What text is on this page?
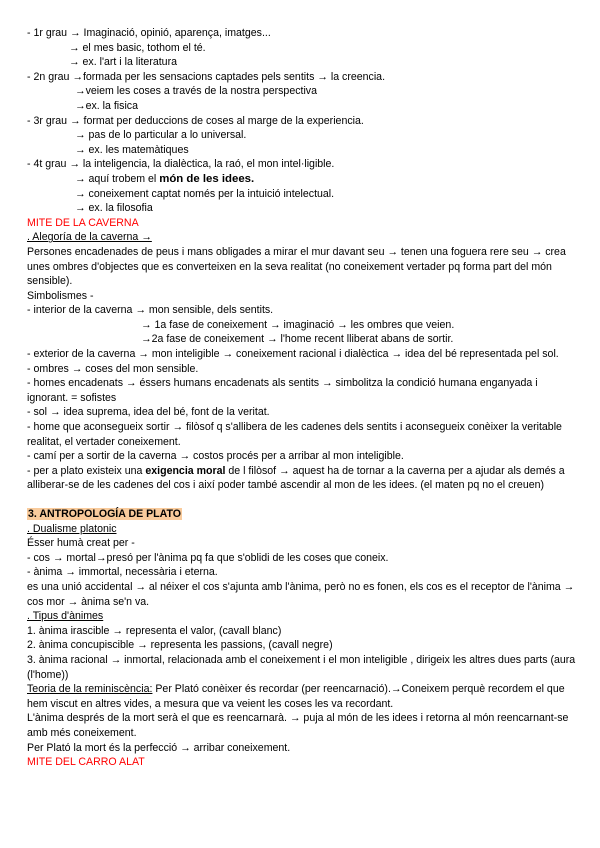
- 1r grau → Imaginació, opinió, aparença, imatges...
→ el mes basic, tothom el té.
→ ex. l'art i la literatura
- 2n grau →formada per les sensacions captades pels sentits → la creencia.
→veiem les coses a través de la nostra perspectiva
→ex. la fisica
- 3r grau → format per deduccions de coses al marge de la experiencia.
→ pas de lo particular a lo universal.
→ ex. les matemàtiques
- 4t grau → la inteligencia, la dialèctica, la raó, el mon intel·ligible.
→ aquí trobem el món de les idees.
→ coneixement captat només per la intuició intelectual.
→ ex. la filosofia
MITE DE LA CAVERNA
. Alegoría de la caverna →
Persones encadenades de peus i mans obligades a mirar el mur davant seu → tenen una foguera rere seu → crea unes ombres d'objectes que es converteixen en la seva realitat (no coneixement vertader pq forma part del món sensible).
Simbolismes -
- interior de la caverna → mon sensible, dels sentits.
→ 1a fase de coneixement → imaginació → les ombres que veien.
→2a fase de coneixement → l'home recent lliberat abans de sortir.
- exterior de la caverna → mon inteligible → coneixement racional i dialèctica → idea del bé representada pel sol.
- ombres → coses del mon sensible.
- homes encadenats → éssers humans encadenats als sentits → simbolitza la condició humana enganyada i ignorant. = sofistes
- sol → idea suprema, idea del bé, font de la veritat.
- home que aconsegueix sortir → filòsof q s'allibera de les cadenes dels sentits i aconsegueix conèixer la veritable realitat, el vertader coneixement.
- camí per a sortir de la caverna → costos procés per a arribar al mon inteligible.
- per a plato existeix una exigencia moral de l filòsof → aquest ha de tornar a la caverna per a ajudar als demés a alliberar-se de les cadenes del cos i així poder també ascendir al mon de les idees. (el maten pq no el creuen)
3. ANTROPOLOGÍA DE PLATO
. Dualisme platonic
Ésser humà creat per -
- cos → mortal→presó per l'ànima pq fa que s'oblidi de les coses que coneix.
- ànima → immortal, necessària i eterna.
es una unió accidental → al néixer el cos s'ajunta amb l'ànima, però no es fonen, els cos es el receptor de l'ànima → cos mor → ànima se'n va.
. Tipus d'ànimes
1. ànima irascible → representa el valor, (cavall blanc)
2. ànima concupiscible → representa les passions, (cavall negre)
3. ànima racional → inmortal, relacionada amb el coneixement i el mon inteligible , dirigeix les altres dues parts (aura (l'home))
Teoria de la reminiscència: Per Plató conèixer és recordar (per reencarnació).→Coneixem perquè recordem el que hem viscut en altres vides, a mesura que va veient les coses les va recordant.
L'ànima després de la mort serà el que es reencarnarà. → puja al món de les idees i retorna al món reencarnant-se amb més coneixement.
Per Plató la mort és la perfecció → arribar coneixement.
MITE DEL CARRO ALAT
